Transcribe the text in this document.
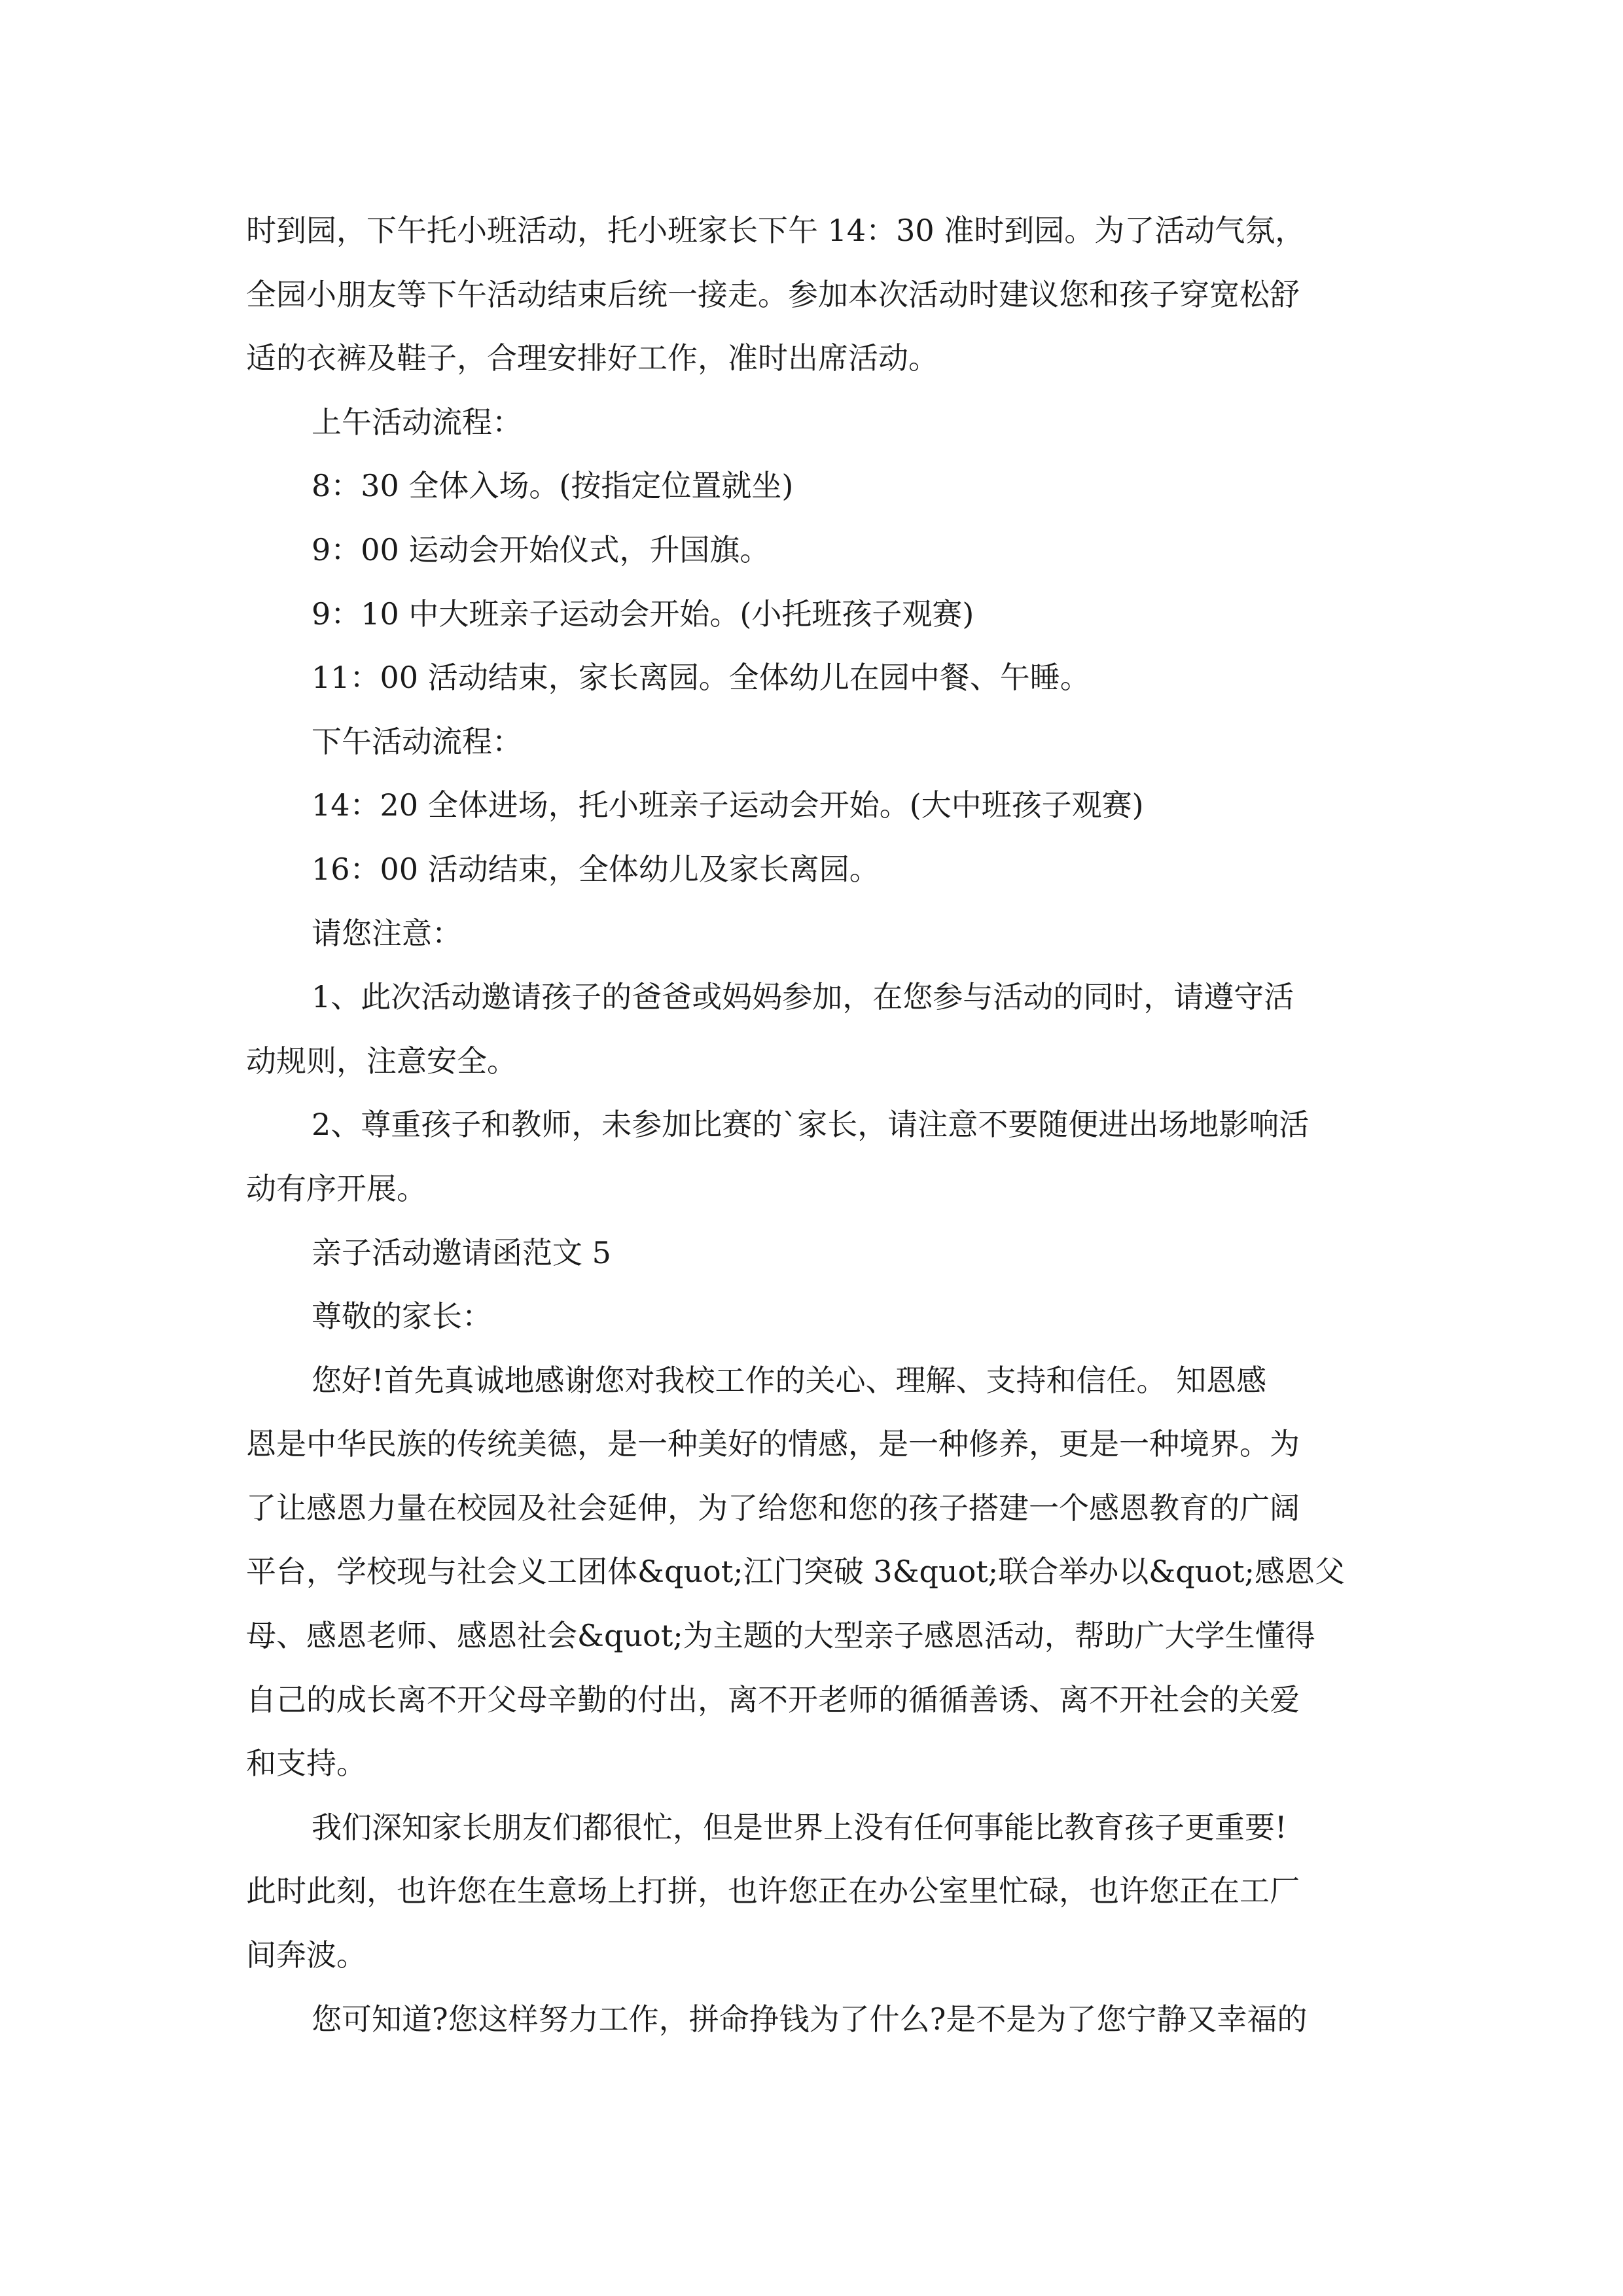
时到园，下午托小班活动，托小班家长下午 14：30 准时到园。为了活动气氛，

全园小朋友等下午活动结束后统一接走。参加本次活动时建议您和孩子穿宽松舒

适的衣裤及鞋子，合理安排好工作，准时出席活动。

上午活动流程：

8：30 全体入场。(按指定位置就坐)

9：00 运动会开始仪式，升国旗。

9：10 中大班亲子运动会开始。(小托班孩子观赛)

11：00 活动结束，家长离园。全体幼儿在园中餐、午睡。

下午活动流程：

14：20 全体进场，托小班亲子运动会开始。(大中班孩子观赛)

16：00 活动结束，全体幼儿及家长离园。

请您注意：

1、此次活动邀请孩子的爸爸或妈妈参加，在您参与活动的同时，请遵守活

动规则，注意安全。

2、尊重孩子和教师，未参加比赛的`家长，请注意不要随便进出场地影响活

动有序开展。

亲子活动邀请函范文 5

尊敬的家长：

您好!首先真诚地感谢您对我校工作的关心、理解、支持和信任。 知恩感

恩是中华民族的传统美德，是一种美好的情感，是一种修养，更是一种境界。为

了让感恩力量在校园及社会延伸，为了给您和您的孩子搭建一个感恩教育的广阔

平台，学校现与社会义工团体&quot;江门突破 3&quot;联合举办以&quot;感恩父

母、感恩老师、感恩社会&quot;为主题的大型亲子感恩活动，帮助广大学生懂得

自己的成长离不开父母辛勤的付出，离不开老师的循循善诱、离不开社会的关爱

和支持。

我们深知家长朋友们都很忙，但是世界上没有任何事能比教育孩子更重要!

此时此刻，也许您在生意场上打拼，也许您正在办公室里忙碌，也许您正在工厂

间奔波。

您可知道?您这样努力工作，拼命挣钱为了什么?是不是为了您宁静又幸福的
